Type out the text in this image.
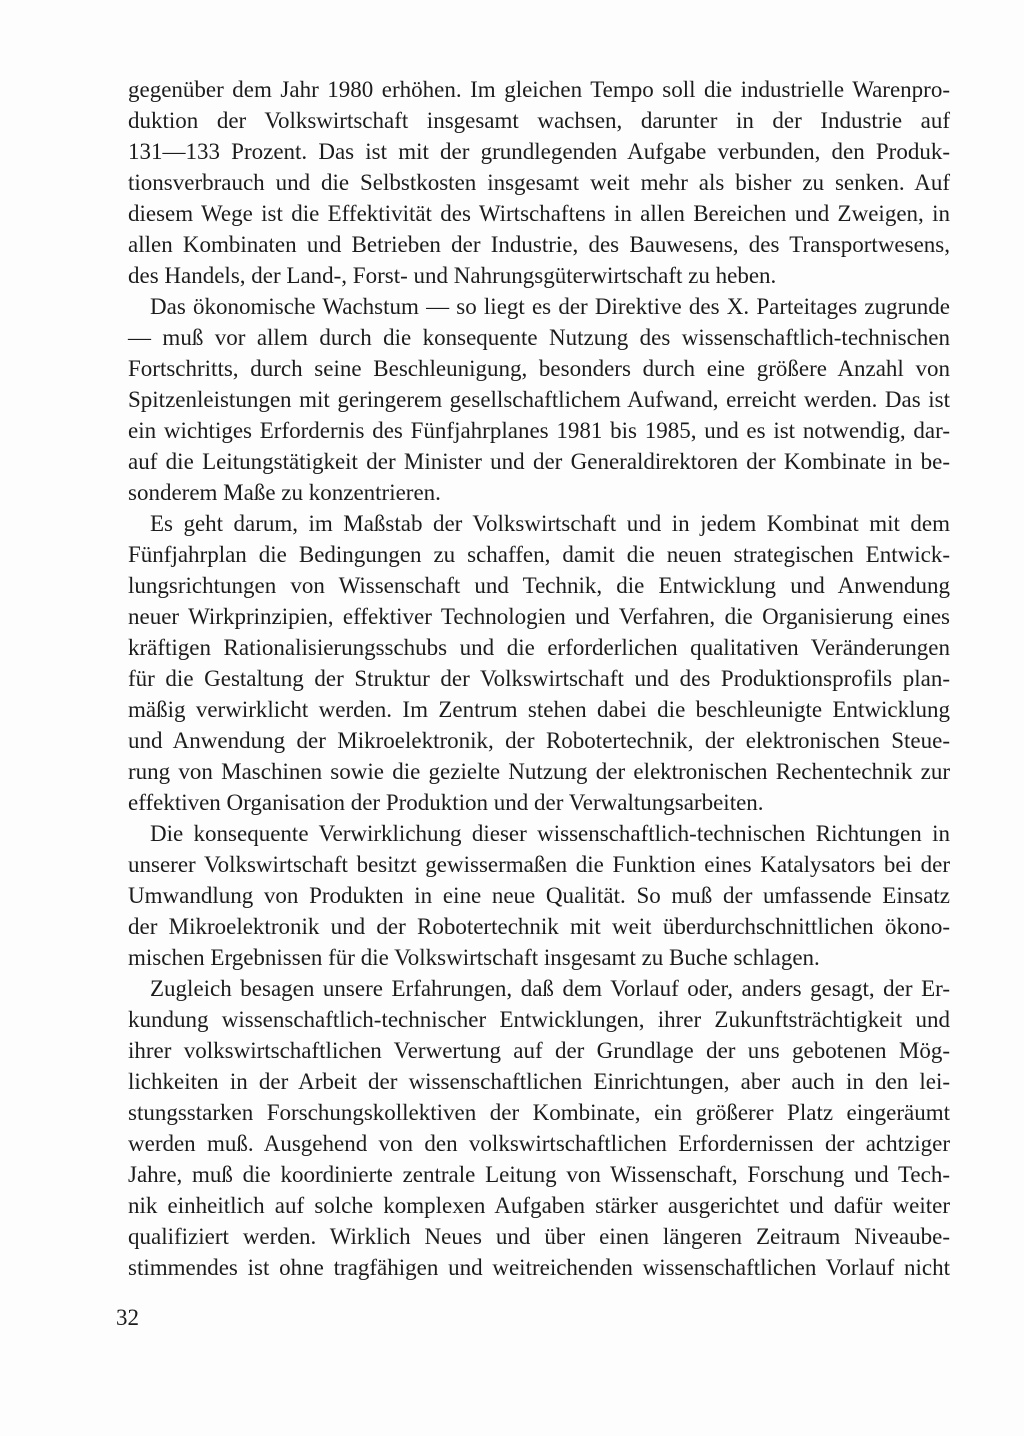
gegenüber dem Jahr 1980 erhöhen. Im gleichen Tempo soll die industrielle Warenpro-
duktion der Volkswirtschaft insgesamt wachsen, darunter in der Industrie auf
131—133 Prozent. Das ist mit der grundlegenden Aufgabe verbunden, den Produk-
tionsverbrauch und die Selbstkosten insgesamt weit mehr als bisher zu senken. Auf
diesem Wege ist die Effektivität des Wirtschaftens in allen Bereichen und Zweigen, in
allen Kombinaten und Betrieben der Industrie, des Bauwesens, des Transportwesens,
des Handels, der Land-, Forst- und Nahrungsgüterwirtschaft zu heben.
Das ökonomische Wachstum — so liegt es der Direktive des X. Parteitages zugrunde
— muß vor allem durch die konsequente Nutzung des wissenschaftlich-technischen
Fortschritts, durch seine Beschleunigung, besonders durch eine größere Anzahl von
Spitzenleistungen mit geringerem gesellschaftlichem Aufwand, erreicht werden. Das ist
ein wichtiges Erfordernis des Fünfjahrplanes 1981 bis 1985, und es ist notwendig, dar-
auf die Leitungstätigkeit der Minister und der Generaldirektoren der Kombinate in be-
sonderem Maße zu konzentrieren.
Es geht darum, im Maßstab der Volkswirtschaft und in jedem Kombinat mit dem
Fünfjahrplan die Bedingungen zu schaffen, damit die neuen strategischen Entwick-
lungsrichtungen von Wissenschaft und Technik, die Entwicklung und Anwendung
neuer Wirkprinzipien, effektiver Technologien und Verfahren, die Organisierung eines
kräftigen Rationalisierungsschubs und die erforderlichen qualitativen Veränderungen
für die Gestaltung der Struktur der Volkswirtschaft und des Produktionsprofils plan-
mäßig verwirklicht werden. Im Zentrum stehen dabei die beschleunigte Entwicklung
und Anwendung der Mikroelektronik, der Robotertechnik, der elektronischen Steue-
rung von Maschinen sowie die gezielte Nutzung der elektronischen Rechentechnik zur
effektiven Organisation der Produktion und der Verwaltungsarbeiten.
Die konsequente Verwirklichung dieser wissenschaftlich-technischen Richtungen in
unserer Volkswirtschaft besitzt gewissermaßen die Funktion eines Katalysators bei der
Umwandlung von Produkten in eine neue Qualität. So muß der umfassende Einsatz
der Mikroelektronik und der Robotertechnik mit weit überdurchschnittlichen ökono-
mischen Ergebnissen für die Volkswirtschaft insgesamt zu Buche schlagen.
Zugleich besagen unsere Erfahrungen, daß dem Vorlauf oder, anders gesagt, der Er-
kundung wissenschaftlich-technischer Entwicklungen, ihrer Zukunftsträchtigkeit und
ihrer volkswirtschaftlichen Verwertung auf der Grundlage der uns gebotenen Mög-
lichkeiten in der Arbeit der wissenschaftlichen Einrichtungen, aber auch in den lei-
stungsstarken Forschungskollektiven der Kombinate, ein größerer Platz eingeräumt
werden muß. Ausgehend von den volkswirtschaftlichen Erfordernissen der achtziger
Jahre, muß die koordinierte zentrale Leitung von Wissenschaft, Forschung und Tech-
nik einheitlich auf solche komplexen Aufgaben stärker ausgerichtet und dafür weiter
qualifiziert werden. Wirklich Neues und über einen längeren Zeitraum Niveaube-
stimmendes ist ohne tragfähigen und weitreichenden wissenschaftlichen Vorlauf nicht
32
